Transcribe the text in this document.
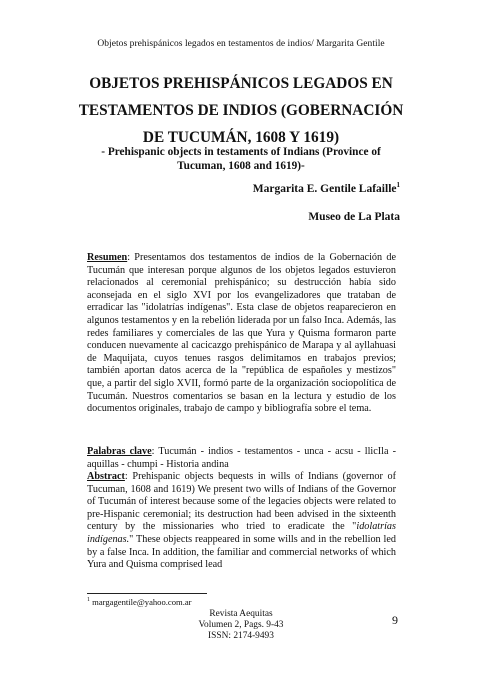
Objetos prehispánicos legados en testamentos de indios/ Margarita Gentile
OBJETOS PREHISPÁNICOS LEGADOS EN
TESTAMENTOS DE INDIOS (GOBERNACIÓN
DE TUCUMÁN, 1608 Y 1619)
- Prehispanic objects in testaments of Indians (Province of Tucuman, 1608 and 1619)-
Margarita E. Gentile Lafaille$^1$
Museo de La Plata
Resumen: Presentamos dos testamentos de indios de la Gobernación de Tucumán que interesan porque algunos de los objetos legados estuvieron relacionados al ceremonial prehispánico; su destrucción había sido aconsejada en el siglo XVI por los evangelizadores que trataban de erradicar las "idolatrías indígenas". Esta clase de objetos reaparecieron en algunos testamentos y en la rebelión liderada por un falso Inca. Además, las redes familiares y comerciales de las que Yura y Quisma formaron parte conducen nuevamente al cacicazgo prehispánico de Marapa y al ayllahuasi de Maquijata, cuyos tenues rasgos delimitamos en trabajos previos; también aportan datos acerca de la "república de españoles y mestizos" que, a partir del siglo XVII, formó parte de la organización sociopolítica de Tucumán. Nuestros comentarios se basan en la lectura y estudio de los documentos originales, trabajo de campo y bibliografía sobre el tema.
Palabras clave: Tucumán - indios - testamentos - unca - acsu - llicIla - aquillas - chumpi - Historia andina
Abstract: Prehispanic objects bequests in wills of Indians (governor of Tucuman, 1608 and 1619) We present two wills of Indians of the Governor of Tucumán of interest because some of the legacies objects were related to pre-Hispanic ceremonial; its destruction had been advised in the sixteenth century by the missionaries who tried to eradicate the "idolatrías indígenas." These objects reappeared in some wills and in the rebellion led by a false Inca. In addition, the familiar and commercial networks of which Yura and Quisma comprised lead
$^1$ margagentile@yahoo.com.ar
Revista Aequitas
Volumen 2, Pags. 9-43
ISSN: 2174-9493
9
